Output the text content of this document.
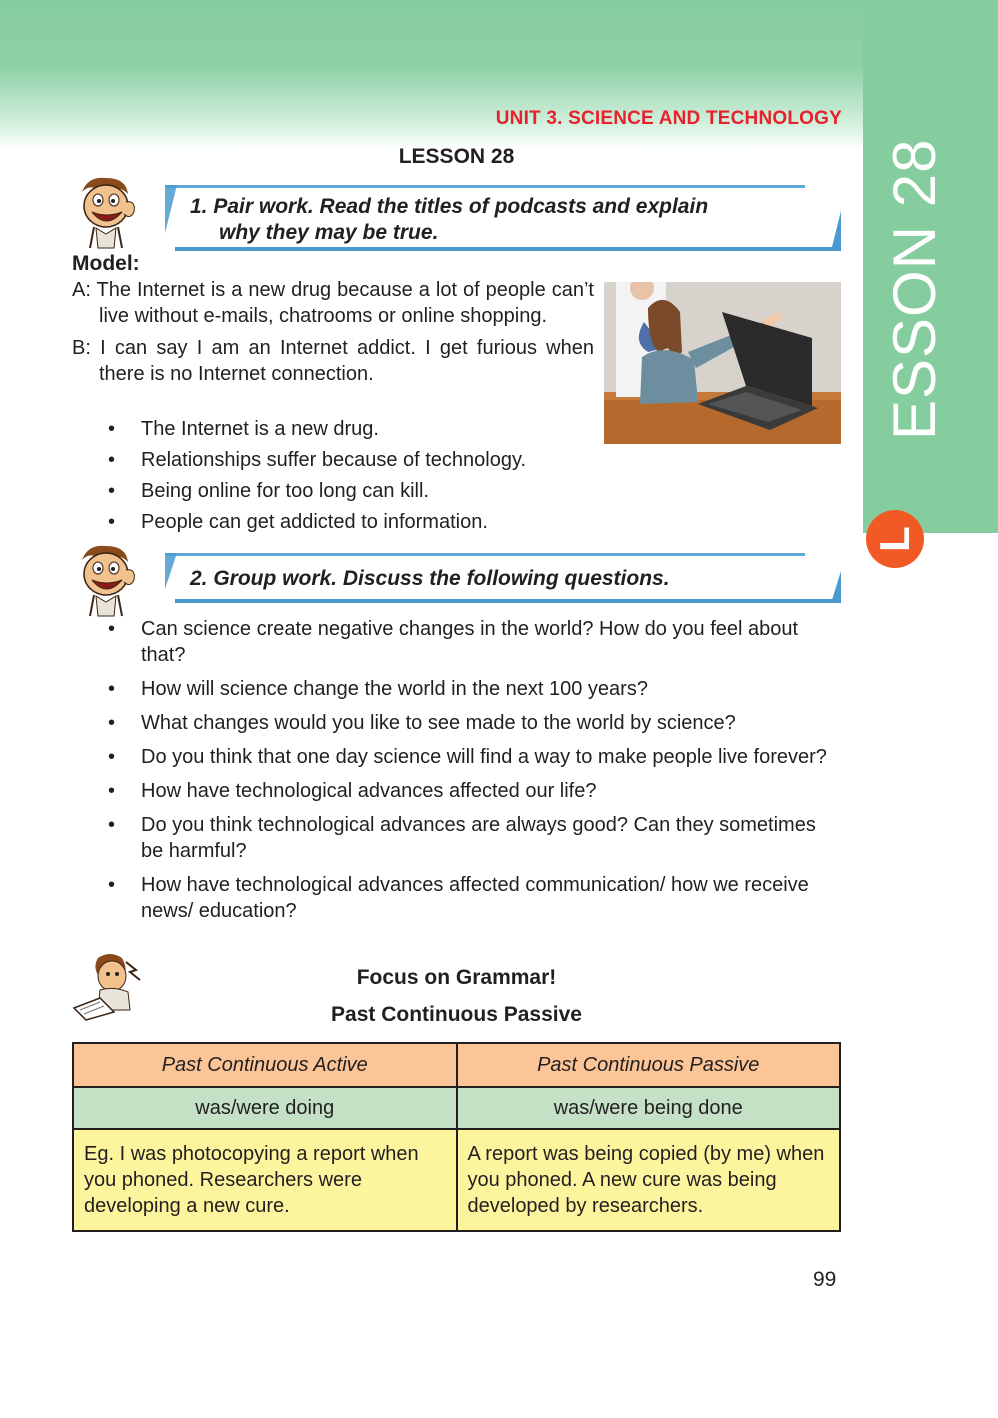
ESSON 28
L
UNIT 3. SCIENCE AND TECHNOLOGY
LESSON 28
1. Pair work. Read the titles of podcasts and explain
why they may be true.
Model:
A: The Internet is a new drug because a lot of people can’t live without e-mails, chatrooms or online shopping.
B: I can say I am an Internet addict. I get furious when there is no Internet connection.
• The Internet is a new drug.
• Relationships suffer because of technology.
• Being online for too long can kill.
• People can get addicted to information.
2. Group work. Discuss the following questions.
• Can science create negative changes in the world? How do you feel about that?
• How will science change the world in the next 100 years?
• What changes would you like to see made to the world by science?
• Do you think that one day science will find a way to make people live forever?
• How have technological advances affected our life?
• Do you think technological advances are always good? Can they sometimes be harmful?
• How have technological advances affected communication/ how we receive news/ education?
Focus on Grammar!
Past Continuous Passive
Past Continuous Active	Past Continuous Passive
was/were doing	was/were being done
Eg. I was photocopying a report when you phoned. Researchers were developing a new cure.	A report was being copied (by me) when you phoned. A new cure was being developed by researchers.
99
